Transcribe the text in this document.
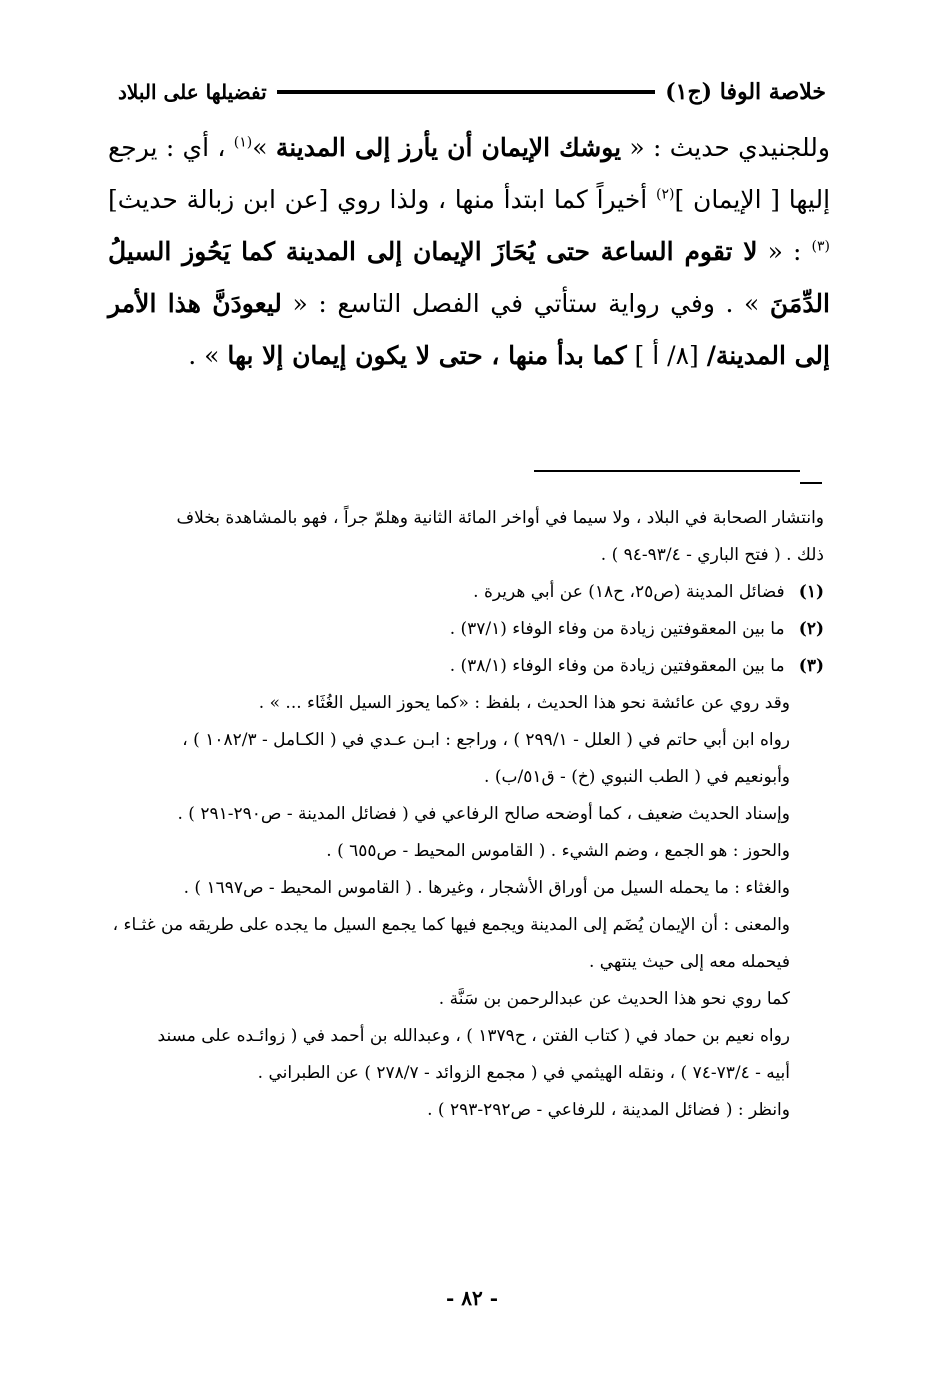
خلاصة الوفا (ج١)
تفضيلها على البلاد

وللجنيدي حديث : « يوشك الإيمان أن يأرز إلى المدينة »$^{(١)}$ ، أي : يرجع إليها [ الإيمان ]$^{(٢)}$ أخيراً كما ابتدأ منها ، ولذا روي [عن ابن زبالة حديث]$^{(٣)}$ : « لا تقوم الساعة حتى يُحَازَ الإيمان إلى المدينة كما يَحُوز السيلُ الدِّمَنَ » . وفي رواية ستأتي في الفصل التاسع : « ليعودَنَّ هذا الأمر إلى المدينة/ [٨/ أ ] كما بدأ منها ، حتى لا يكون إيمان إلا بها » .

وانتشار الصحابة في البلاد ، ولا سيما في أواخر المائة الثانية وهلمّ جراً ، فهو بالمشاهدة بخلاف

ذلك . ( فتح الباري - ٩٣/٤-٩٤ ) .

(١) فضائل المدينة (ص٢٥، ح١٨) عن أبي هريرة .

(٢) ما بين المعقوفتين زيادة من وفاء الوفاء (٣٧/١) .

(٣) ما بين المعقوفتين زيادة من وفاء الوفاء (٣٨/١) .

وقد روي عن عائشة نحو هذا الحديث ، بلفظ : «كما يحوز السيل الغُثَاء ... » .

رواه ابن أبي حاتم في ( العلل - ٢٩٩/١ ) ، وراجع : ابـن عـدي في ( الكـامل - ١٠٨٢/٣ ) ،

وأبونعيم في ( الطب النبوي (خ) - ق٥١/ب) .

وإسناد الحديث ضعيف ، كما أوضحه صالح الرفاعي في ( فضائل المدينة - ص٢٩٠-٢٩١ ) .

والحوز : هو الجمع ، وضم الشيء . ( القاموس المحيط - ص٦٥٥ ) .

والغثاء : ما يحمله السيل من أوراق الأشجار ، وغيرها . ( القاموس المحيط - ص١٦٩٧ ) .

والمعنى : أن الإيمان يُضَم إلى المدينة ويجمع فيها كما يجمع السيل ما يجده على طريقه من غثـاء ،

فيحمله معه إلى حيث ينتهي .

كما روي نحو هذا الحديث عن عبدالرحمن بن سَنَّة .

رواه نعيم بن حماد في ( كتاب الفتن ، ح١٣٧٩ ) ، وعبدالله بن أحمد في ( زوائـده على مسند

أبيه - ٧٣/٤-٧٤ ) ، ونقله الهيثمي في ( مجمع الزوائد - ٢٧٨/٧ ) عن الطبراني .

وانظر : ( فضائل المدينة ، للرفاعي - ص٢٩٢-٢٩٣ ) .

- ٨٢ -
